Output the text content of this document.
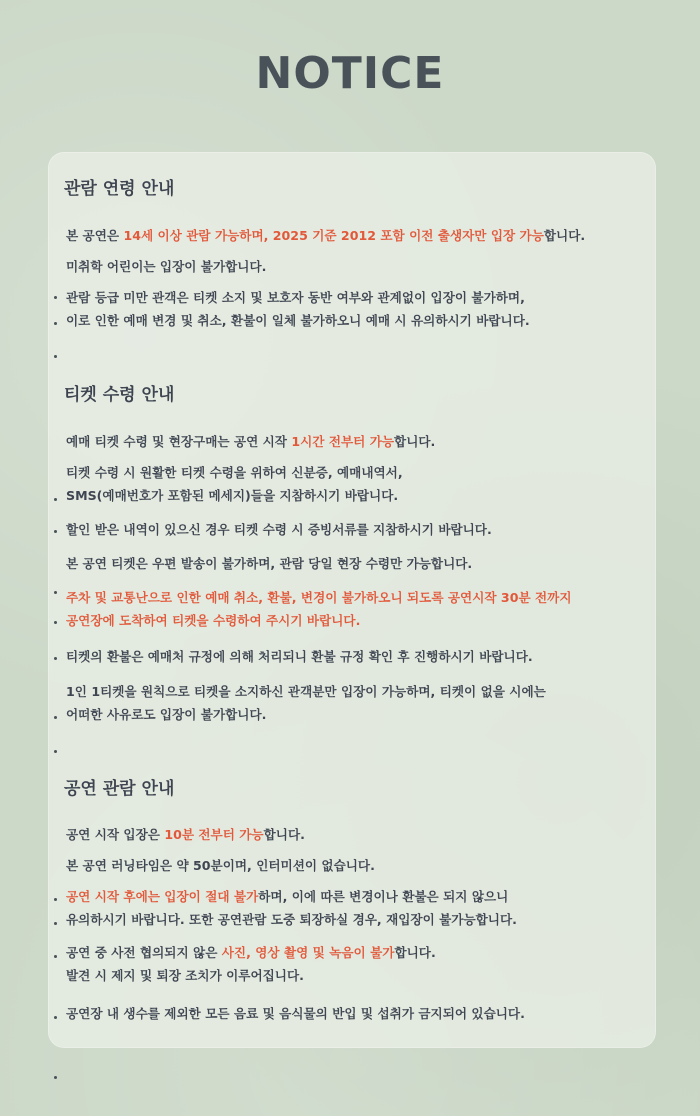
NOTICE
관람 연령 안내
티켓 수령 안내
공연 관람 안내

본 공연은 14세 이상 관람 가능하며, 2025 기준 2012 포함 이전 출생자만 입장 가능합니다.

미취학 어린이는 입장이 불가합니다.

관람 등급 미만 관객은 티켓 소지 및 보호자 동반 여부와 관계없이 입장이 불가하며,

이로 인한 예매 변경 및 취소, 환불이 일체 불가하오니 예매 시 유의하시기 바랍니다.

예매 티켓 수령 및 현장구매는 공연 시작 1시간 전부터 가능합니다.

티켓 수령 시 원활한 티켓 수령을 위하여 신분증, 예매내역서,

SMS(예매번호가 포함된 메세지)들을 지참하시기 바랍니다.

할인 받은 내역이 있으신 경우 티켓 수령 시 증빙서류를 지참하시기 바랍니다.

본 공연 티켓은 우편 발송이 불가하며, 관람 당일 현장 수령만 가능합니다.

주차 및 교통난으로 인한 예매 취소, 환불, 변경이 불가하오니 되도록 공연시작 30분 전까지

공연장에 도착하여 티켓을 수령하여 주시기 바랍니다.

티켓의 환불은 예매처 규정에 의해 처리되니 환불 규정 확인 후 진행하시기 바랍니다.

1인 1티켓을 원칙으로 티켓을 소지하신 관객분만 입장이 가능하며, 티켓이 없을 시에는

어떠한 사유로도 입장이 불가합니다.

공연 시작 입장은 10분 전부터 가능합니다.

본 공연 러닝타임은 약 50분이며, 인터미션이 없습니다.

공연 시작 후에는 입장이 절대 불가하며, 이에 따른 변경이나 환불은 되지 않으니

유의하시기 바랍니다. 또한 공연관람 도중 퇴장하실 경우, 재입장이 불가능합니다.

공연 중 사전 협의되지 않은 사진, 영상 촬영 및 녹음이 불가합니다.

발견 시 제지 및 퇴장 조치가 이루어집니다.

공연장 내 생수를 제외한 모든 음료 및 음식물의 반입 및 섭취가 금지되어 있습니다.
